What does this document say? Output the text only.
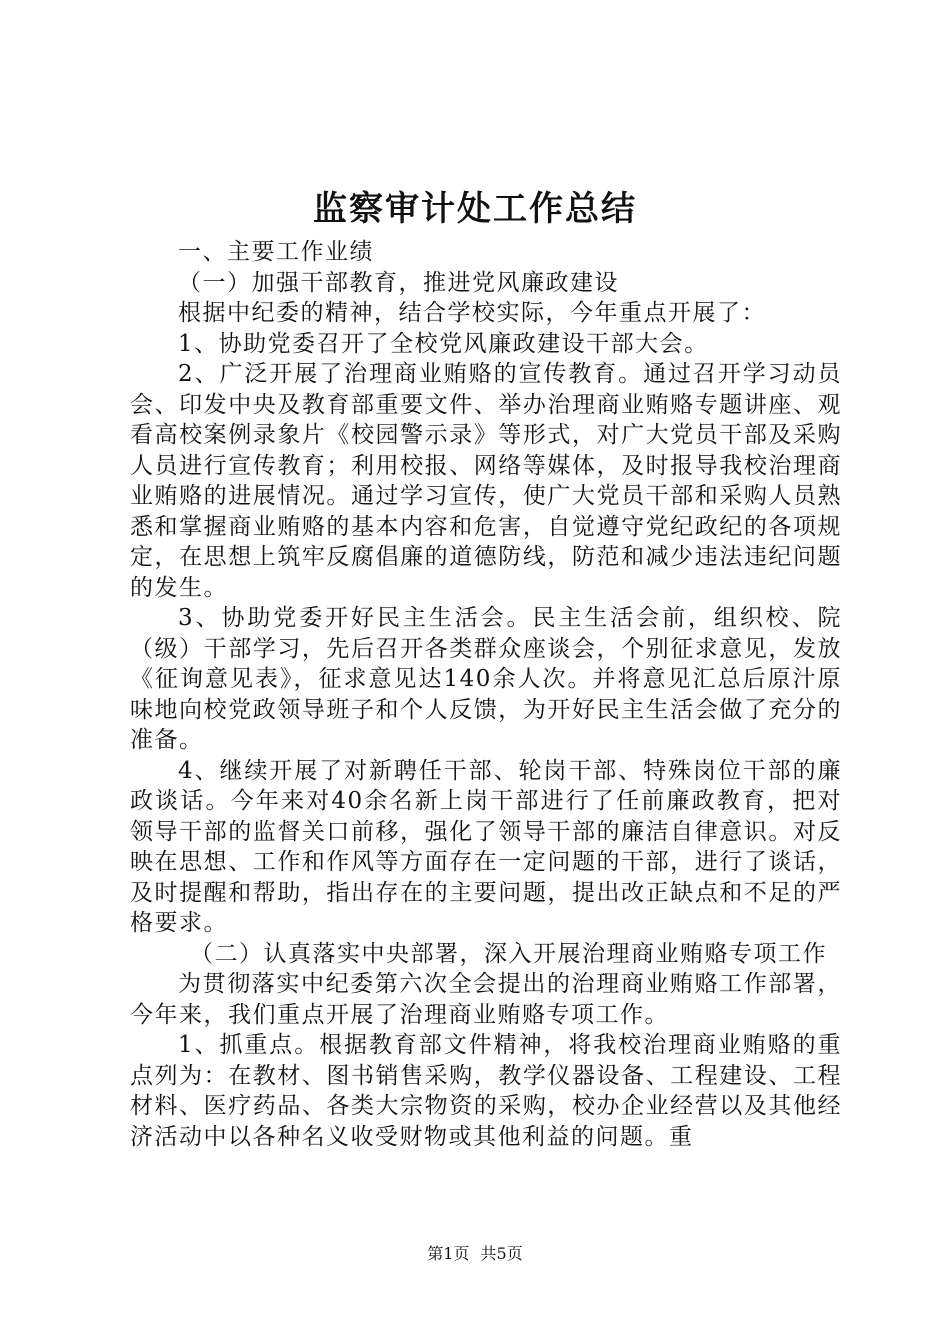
监察审计处工作总结

一、主要工作业绩

（一）加强干部教育，推进党风廉政建设

根据中纪委的精神，结合学校实际，今年重点开展了：

1、协助党委召开了全校党风廉政建设干部大会。

2、广泛开展了治理商业贿赂的宣传教育。通过召开学习动员会、印发中央及教育部重要文件、举办治理商业贿赂专题讲座、观看高校案例录象片《校园警示录》等形式，对广大党员干部及采购人员进行宣传教育；利用校报、网络等媒体，及时报导我校治理商业贿赂的进展情况。通过学习宣传，使广大党员干部和采购人员熟悉和掌握商业贿赂的基本内容和危害，自觉遵守党纪政纪的各项规定，在思想上筑牢反腐倡廉的道德防线，防范和减少违法违纪问题的发生。

3、协助党委开好民主生活会。民主生活会前，组织校、院（级）干部学习，先后召开各类群众座谈会，个别征求意见，发放《征询意见表》，征求意见达140余人次。并将意见汇总后原汁原味地向校党政领导班子和个人反馈，为开好民主生活会做了充分的准备。

4、继续开展了对新聘任干部、轮岗干部、特殊岗位干部的廉政谈话。今年来对40余名新上岗干部进行了任前廉政教育，把对领导干部的监督关口前移，强化了领导干部的廉洁自律意识。对反映在思想、工作和作风等方面存在一定问题的干部，进行了谈话，及时提醒和帮助，指出存在的主要问题，提出改正缺点和不足的严格要求。

（二）认真落实中央部署，深入开展治理商业贿赂专项工作

为贯彻落实中纪委第六次全会提出的治理商业贿赂工作部署，今年来，我们重点开展了治理商业贿赂专项工作。

1、抓重点。根据教育部文件精神，将我校治理商业贿赂的重点列为：在教材、图书销售采购，教学仪器设备、工程建设、工程材料、医疗药品、各类大宗物资的采购，校办企业经营以及其他经济活动中以各种名义收受财物或其他利益的问题。重

第1页 共5页
